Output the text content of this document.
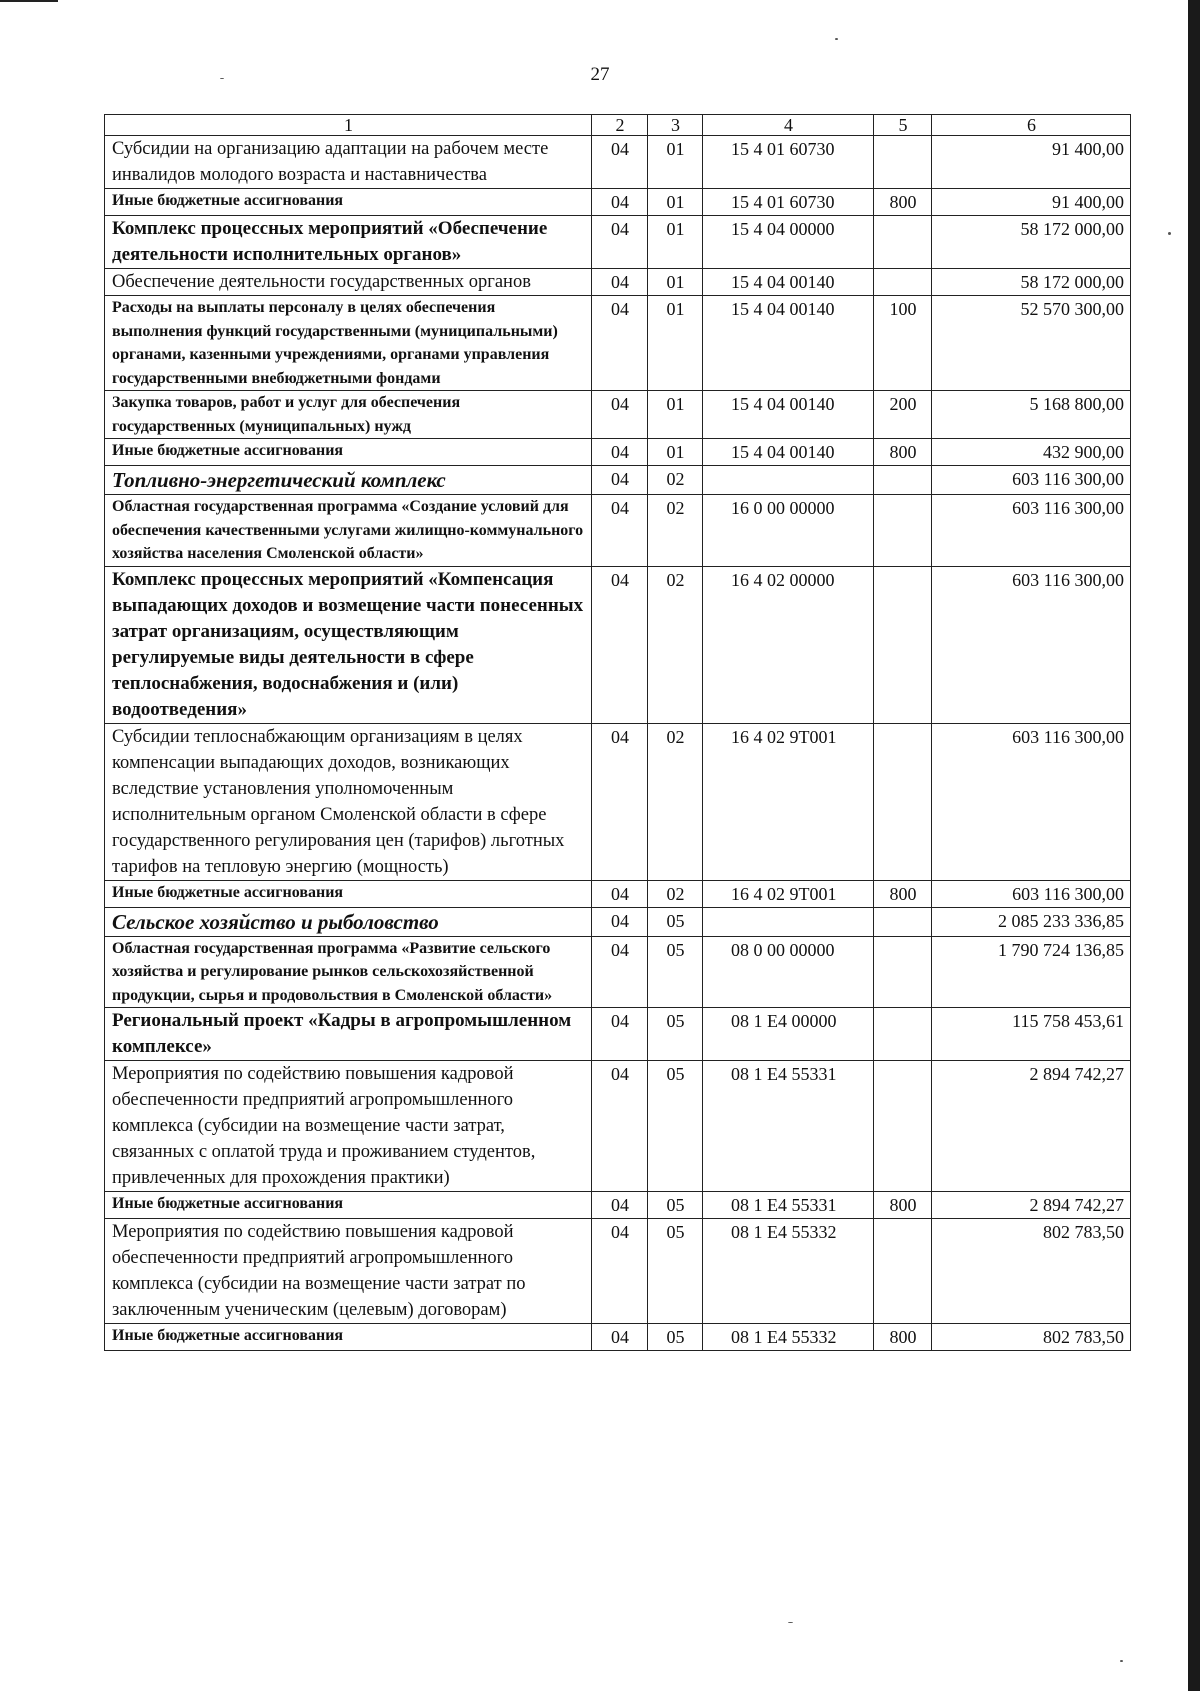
27
1	2	3	4	5	6
Субсидии на организацию адаптации на рабочем месте инвалидов молодого возраста и наставничества	04	01	15 4 01 60730		91 400,00
Иные бюджетные ассигнования	04	01	15 4 01 60730	800	91 400,00
Комплекс процессных мероприятий «Обеспечение деятельности исполнительных органов»	04	01	15 4 04 00000		58 172 000,00
Обеспечение деятельности государственных органов	04	01	15 4 04 00140		58 172 000,00
Расходы на выплаты персоналу в целях обеспечения выполнения функций государственными (муниципальными) органами, казенными учреждениями, органами управления государственными внебюджетными фондами	04	01	15 4 04 00140	100	52 570 300,00
Закупка товаров, работ и услуг для обеспечения государственных (муниципальных) нужд	04	01	15 4 04 00140	200	5 168 800,00
Иные бюджетные ассигнования	04	01	15 4 04 00140	800	432 900,00
Топливно-энергетический комплекс	04	02			603 116 300,00
Областная государственная программа «Создание условий для обеспечения качественными услугами жилищно-коммунального хозяйства населения Смоленской области»	04	02	16 0 00 00000		603 116 300,00
Комплекс процессных мероприятий «Компенсация выпадающих доходов и возмещение части понесенных затрат организациям, осуществляющим регулируемые виды деятельности в сфере теплоснабжения, водоснабжения и (или) водоотведения»	04	02	16 4 02 00000		603 116 300,00
Субсидии теплоснабжающим организациям в целях компенсации выпадающих доходов, возникающих вследствие установления уполномоченным исполнительным органом Смоленской области в сфере государственного регулирования цен (тарифов) льготных тарифов на тепловую энергию (мощность)	04	02	16 4 02 9Т001		603 116 300,00
Иные бюджетные ассигнования	04	02	16 4 02 9Т001	800	603 116 300,00
Сельское хозяйство и рыболовство	04	05			2 085 233 336,85
Областная государственная программа «Развитие сельского хозяйства и регулирование рынков сельскохозяйственной продукции, сырья и продовольствия в Смоленской области»	04	05	08 0 00 00000		1 790 724 136,85
Региональный проект «Кадры в агропромышленном комплексе»	04	05	08 1 Е4 00000		115 758 453,61
Мероприятия по содействию повышения кадровой обеспеченности предприятий агропромышленного комплекса (субсидии на возмещение части затрат, связанных с оплатой труда и проживанием студентов, привлеченных для прохождения практики)	04	05	08 1 Е4 55331		2 894 742,27
Иные бюджетные ассигнования	04	05	08 1 Е4 55331	800	2 894 742,27
Мероприятия по содействию повышения кадровой обеспеченности предприятий агропромышленного комплекса (субсидии на возмещение части затрат по заключенным ученическим (целевым) договорам)	04	05	08 1 Е4 55332		802 783,50
Иные бюджетные ассигнования	04	05	08 1 Е4 55332	800	802 783,50
